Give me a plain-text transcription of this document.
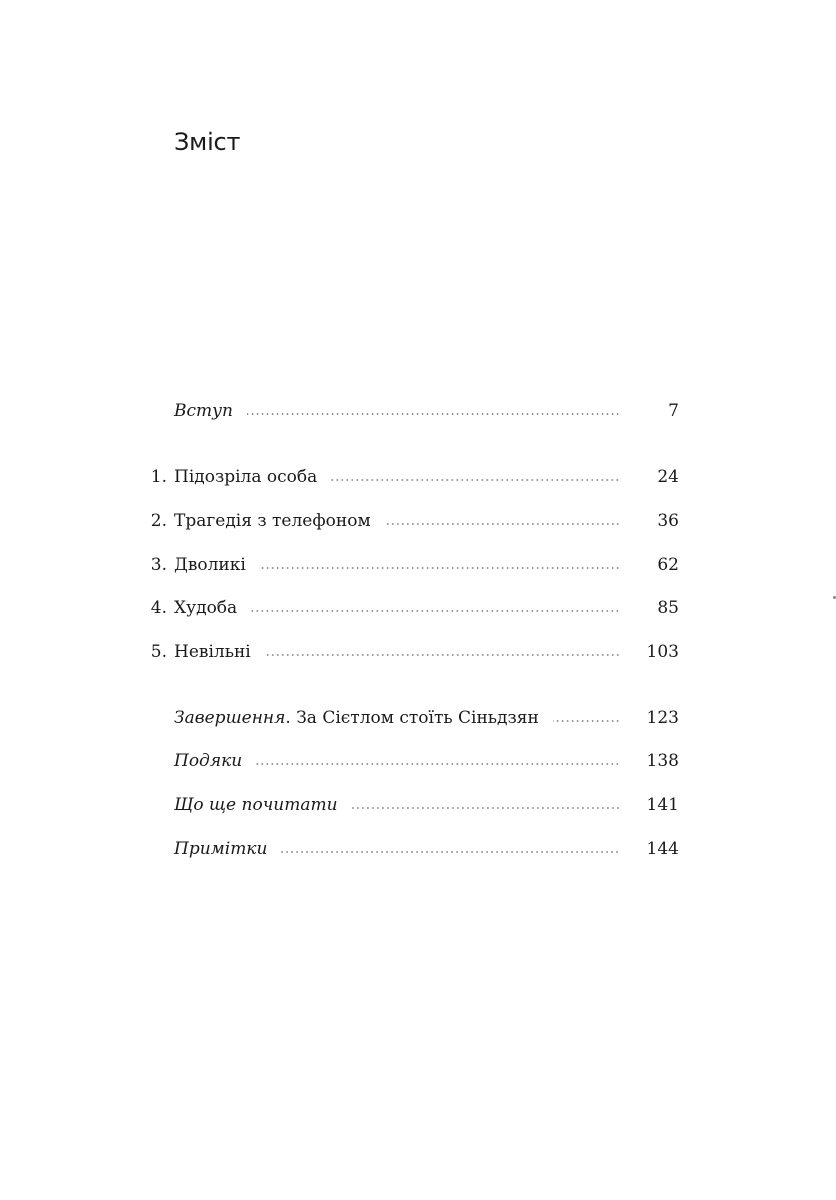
Зміст
Вступ	7
1. Підозріла особа	24
2. Трагедія з телефоном	36
3. Дволикі	62
4. Худоба	85
5. Невільні	103
Завершення. За Сієтлом стоїть Сіньдзян	123
Подяки	138
Що ще почитати	141
Примітки	144
